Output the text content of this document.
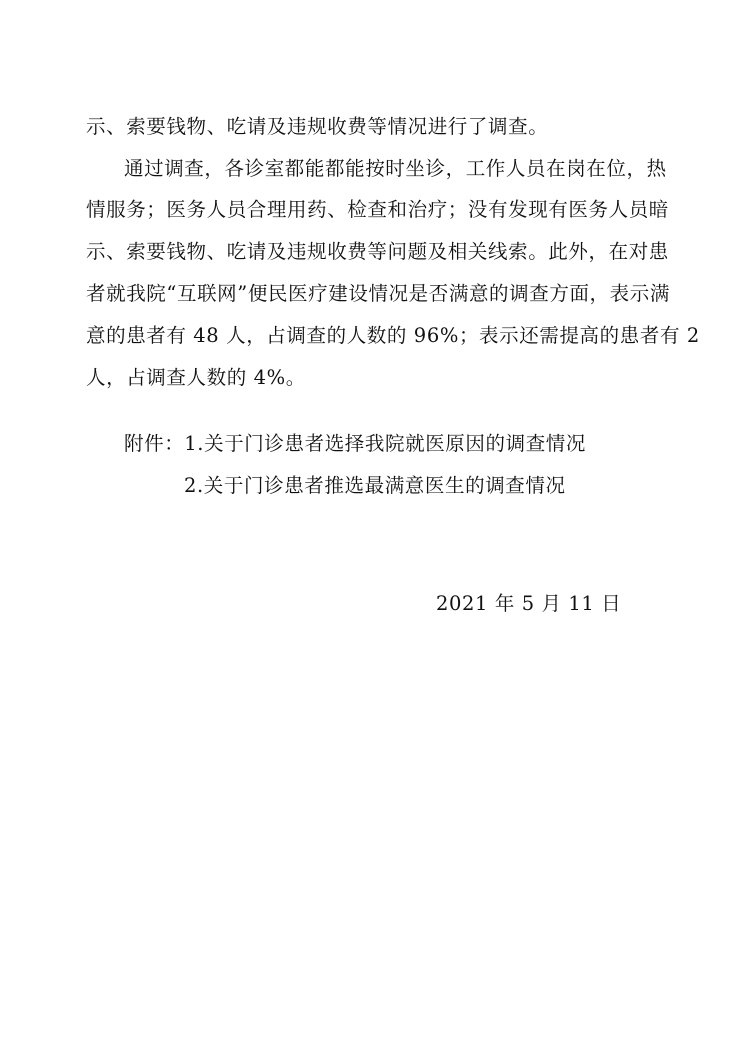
示、索要钱物、吃请及违规收费等情况进行了调查。
通过调查，各诊室都能都能按时坐诊，工作人员在岗在位，热
情服务；医务人员合理用药、检查和治疗；没有发现有医务人员暗
示、索要钱物、吃请及违规收费等问题及相关线索。此外，在对患
者就我院“互联网”便民医疗建设情况是否满意的调查方面，表示满
意的患者有 48 人，占调查的人数的 96%；表示还需提高的患者有 2
人，占调查人数的 4%。
附件：1.关于门诊患者选择我院就医原因的调查情况
2.关于门诊患者推选最满意医生的调查情况
2021 年 5 月 11 日
